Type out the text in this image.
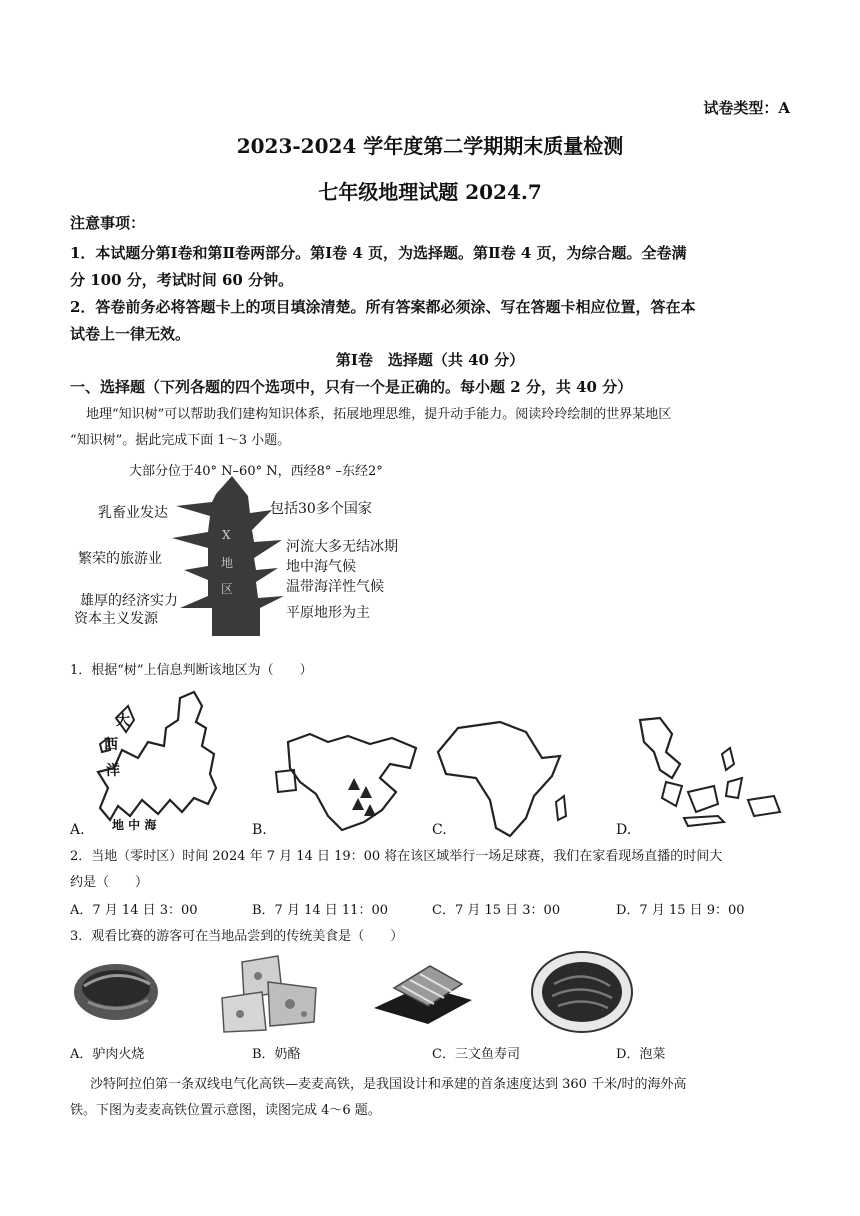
试卷类型：A
2023-2024 学年度第二学期期末质量检测
七年级地理试题 2024.7
注意事项：
1．本试题分第Ⅰ卷和第Ⅱ卷两部分。第Ⅰ卷 4 页，为选择题。第Ⅱ卷 4 页，为综合题。全卷满
分 100 分，考试时间 60 分钟。
2．答卷前务必将答题卡上的项目填涂清楚。所有答案都必须涂、写在答题卡相应位置，答在本
试卷上一律无效。
第Ⅰ卷　选择题（共 40 分）
一、选择题（下列各题的四个选项中，只有一个是正确的。每小题 2 分，共 40 分）
地理“知识树”可以帮助我们建构知识体系，拓展地理思维，提升动手能力。阅读玲玲绘制的世界某地区
“知识树”。据此完成下面 1～3 小题。
大部分位于40° N–60° N，西经8° –东经2°
X
地
区
乳畜业发达
繁荣的旅游业
雄厚的经济实力
资本主义发源
包括30多个国家
河流大多无结冰期
地中海气候
温带海洋性气候
平原地形为主
1．根据“树”上信息判断该地区为（　　）
大
西
洋
地 中 海
A.	B.	C.	D.
2．当地（零时区）时间 2024 年 7 月 14 日 19：00 将在该区域举行一场足球赛，我们在家看现场直播的时间大
约是（　　）
A．7 月 14 日 3：00	B．7 月 14 日 11：00	C．7 月 15 日 3：00	D．7 月 15 日 9：00
3．观看比赛的游客可在当地品尝到的传统美食是（　　）
A．驴肉火烧	B．奶酪	C．三文鱼寿司	D．泡菜
沙特阿拉伯第一条双线电气化高铁—麦麦高铁，是我国设计和承建的首条速度达到 360 千米/时的海外高
铁。下图为麦麦高铁位置示意图，读图完成 4～6 题。
